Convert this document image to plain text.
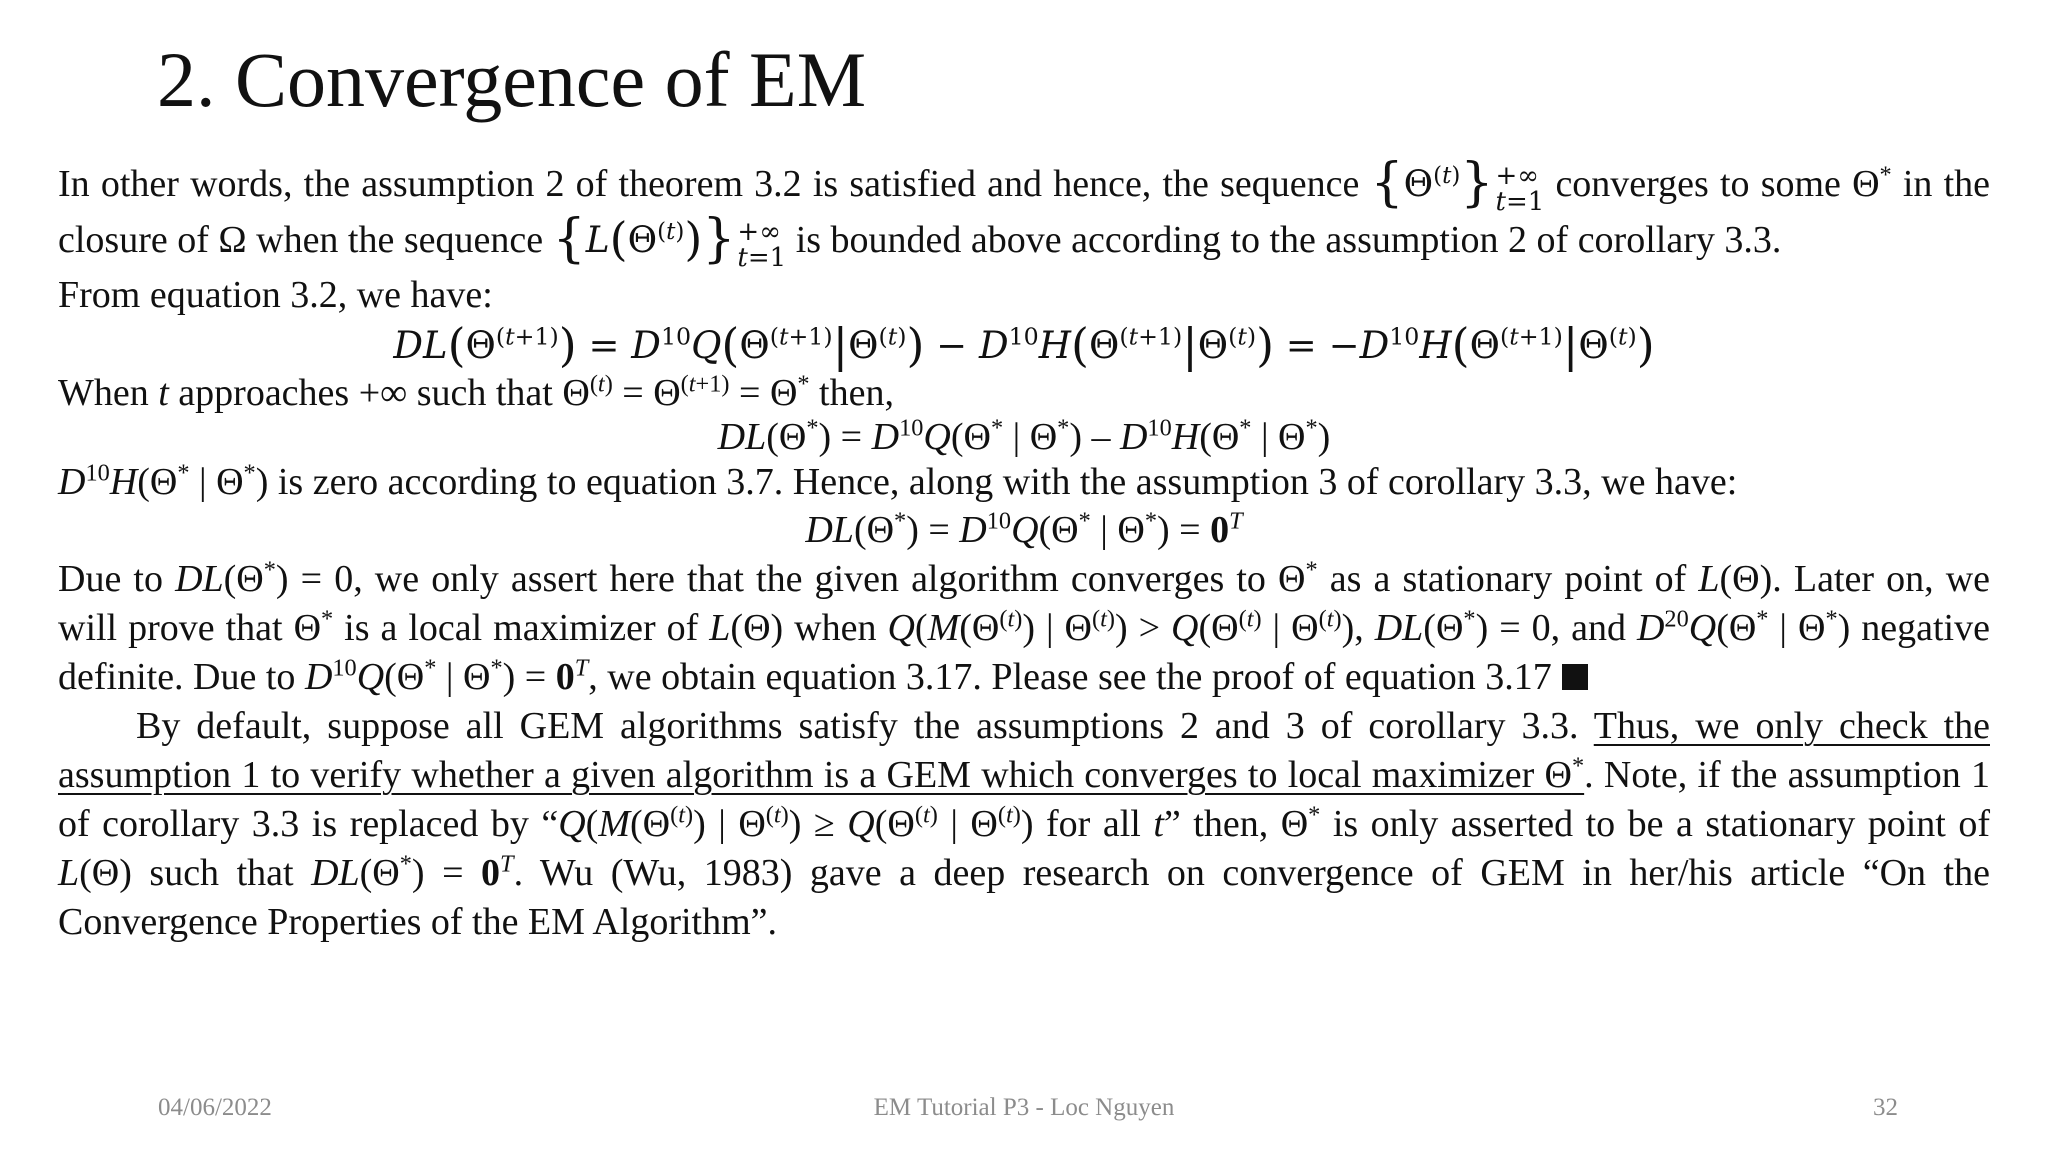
2. Convergence of EM

In other words, the assumption 2 of theorem 3.2 is satisfied and hence, the sequence $\{\Theta^{(t)}\}$ +∞
t=1 converges to some Θ* in the closure of Ω when the sequence $\{L(\Theta^{(t)})\}$ +∞
t=1 is bounded above according to the assumption 2 of corollary 3.3.

From equation 3.2, we have:

$DL(\Theta^{(t+1)}) = D^{10}Q(\Theta^{(t+1)}|\Theta^{(t)}) - D^{10}H(\Theta^{(t+1)}|\Theta^{(t)}) = -D^{10}H(\Theta^{(t+1)}|\Theta^{(t)})$

When t approaches +∞ such that $\Theta^{(t)} = \Theta^{(t+1)} = \Theta^*$ then,

$DL(\Theta^*) = D^{10}Q(\Theta^*$ | $\Theta^*) - D^{10}H(\Theta^*$ | Θ*)

$D^{10}H(\Theta^*$ | Θ*) is zero according to equation 3.7. Hence, along with the assumption 3 of corollary 3.3, we have:

$DL(\Theta^*) = D^{10}Q(\Theta^*$ | $\Theta^*) = 0^T$

Due to DL(Θ*) = 0, we only assert here that the given algorithm converges to Θ* as a stationary point of L(Θ). Later on, we will prove that Θ* is a local maximizer of L(Θ) when $Q(M(\Theta^{(t)})$ | $\Theta^{(t)}) > Q(\Theta^{(t)}$ | $\Theta^{(t)}$), DL(Θ*) = 0, and $D^{20}Q(\Theta^*$ | Θ*) negative definite. Due to $D^{10}Q(\Theta^*$ | $\Theta^*) = 0^T$, we obtain equation 3.17. Please see the proof of equation 3.17

By default, suppose all GEM algorithms satisfy the assumptions 2 and 3 of corollary 3.3. Thus, we only check the assumption 1 to verify whether a given algorithm is a GEM which converges to local maximizer Θ*. Note, if the assumption 1 of corollary 3.3 is replaced by “$Q(M(\Theta^{(t)})$ | $\Theta^{(t)}) \ge Q(\Theta^{(t)}$ | $\Theta^{(t)}$) for all t” then, Θ* is only asserted to be a stationary point of L(Θ) such that $DL(\Theta^*) = 0^T$. Wu (Wu, 1983) gave a deep research on convergence of GEM in her/his article “On the Convergence Properties of the EM Algorithm”.

04/06/2022	EM Tutorial P3 - Loc Nguyen	32
